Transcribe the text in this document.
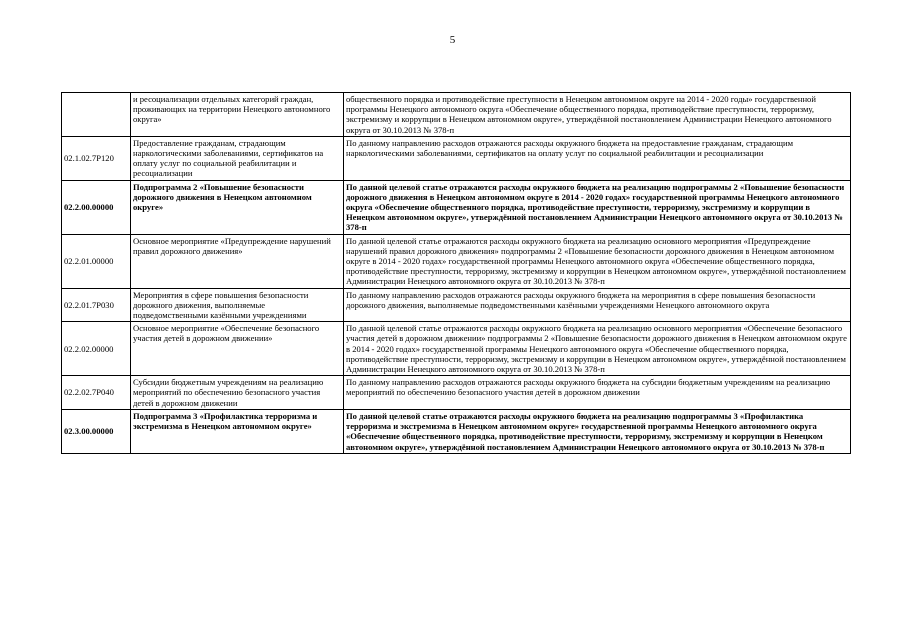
5
	и ресоциализации отдельных категорий граждан, проживающих на территории Ненецкого автономного округа»	общественного порядка и противодействие преступности в Ненецком автономном округе на 2014 - 2020 годы» государственной программы Ненецкого автономного округа «Обеспечение общественного порядка, противодействие преступности, терроризму, экстремизму и коррупции в Ненецком автономном округе», утверждённой постановлением Администрации Ненецкого автономного округа от 30.10.2013 № 378-п
02.1.02.7Р120	Предоставление гражданам, страдающим наркологическими заболеваниями, сертификатов на оплату услуг по социальной реабилитации и ресоциализации	По данному направлению расходов отражаются расходы окружного бюджета на предоставление гражданам, страдающим наркологическими заболеваниями, сертификатов на оплату услуг по социальной реабилитации и ресоциализации
02.2.00.00000	Подпрограмма 2 «Повышение безопасности дорожного движения в Ненецком автономном округе»	По данной целевой статье отражаются расходы окружного бюджета на реализацию подпрограммы 2 «Повышение безопасности дорожного движения в Ненецком автономном округе в 2014 - 2020 годах» государственной программы Ненецкого автономного округа «Обеспечение общественного порядка, противодействие преступности, терроризму, экстремизму и коррупции в Ненецком автономном округе», утверждённой постановлением Администрации Ненецкого автономного округа от 30.10.2013 № 378-п
02.2.01.00000	Основное мероприятие «Предупреждение нарушений правил дорожного движения»	По данной целевой статье отражаются расходы окружного бюджета на реализацию основного мероприятия «Предупреждение нарушений правил дорожного движения» подпрограммы 2 «Повышение безопасности дорожного движения в Ненецком автономном округе в 2014 - 2020 годах» государственной программы Ненецкого автономного округа «Обеспечение общественного порядка, противодействие преступности, терроризму, экстремизму и коррупции в Ненецком автономном округе», утверждённой постановлением Администрации Ненецкого автономного округа от 30.10.2013 № 378-п
02.2.01.7Р030	Мероприятия в сфере повышения безопасности дорожного движения, выполняемые подведомственными казёнными учреждениями	По данному направлению расходов отражаются расходы окружного бюджета на мероприятия в сфере повышения безопасности дорожного движения, выполняемые подведомственными казёнными учреждениями Ненецкого автономного округа
02.2.02.00000	Основное мероприятие «Обеспечение безопасного участия детей в дорожном движении»	По данной целевой статье отражаются расходы окружного бюджета на реализацию основного мероприятия «Обеспечение безопасного участия детей в дорожном движении» подпрограммы 2 «Повышение безопасности дорожного движения в Ненецком автономном округе в 2014 - 2020 годах» государственной программы Ненецкого автономного округа «Обеспечение общественного порядка, противодействие преступности, терроризму, экстремизму и коррупции в Ненецком автономном округе», утверждённой постановлением Администрации Ненецкого автономного округа от 30.10.2013 № 378-п
02.2.02.7Р040	Субсидии бюджетным учреждениям на реализацию мероприятий по обеспечению безопасного участия детей в дорожном движении	По данному направлению расходов отражаются расходы окружного бюджета на субсидии бюджетным учреждениям на реализацию мероприятий по обеспечению безопасного участия детей в дорожном движении
02.3.00.00000	Подпрограмма 3 «Профилактика терроризма и экстремизма в Ненецком автономном округе»	По данной целевой статье отражаются расходы окружного бюджета на реализацию подпрограммы 3 «Профилактика терроризма и экстремизма в Ненецком автономном округе» государственной программы Ненецкого автономного округа «Обеспечение общественного порядка, противодействие преступности, терроризму, экстремизму и коррупции в Ненецком автономном округе», утверждённой постановлением Администрации Ненецкого автономного округа от 30.10.2013 № 378-п
